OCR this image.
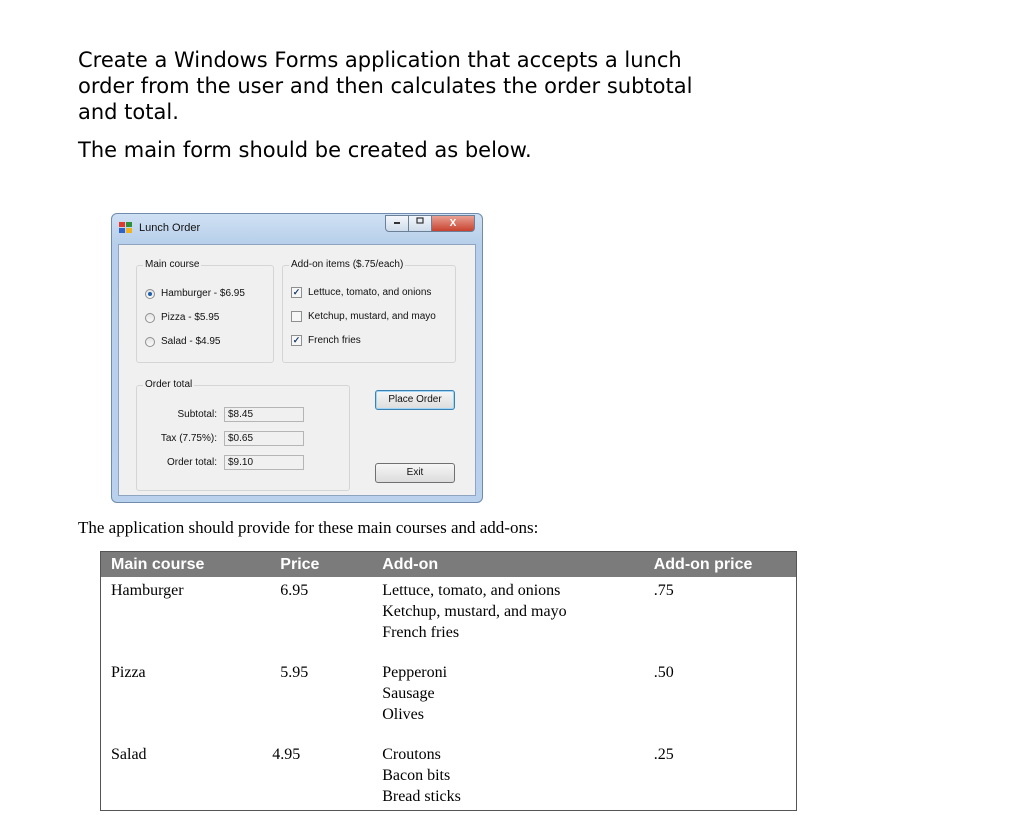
Create a Windows Forms application that accepts a lunch
order from the user and then calculates the order subtotal
and total.

The main form should be created as below.

Lunch Order	X
Main course
Hamburger - $6.95
Pizza - $5.95
Salad - $4.95
Add-on items ($.75/each)
✓ Lettuce, tomato, and onions
Ketchup, mustard, and mayo
✓ French fries
Order total
Subtotal:	$8.45
Tax (7.75%):	$0.65
Order total:	$9.10
Place Order
Exit
The application should provide for these main courses and add-ons:
Main course	Price	Add-on	Add-on price
Hamburger	6.95	Lettuce, tomato, and onions
Ketchup, mustard, and mayo
French fries	.75
Pizza	5.95	Pepperoni
Sausage
Olives	.50
Salad	4.95	Croutons
Bacon bits
Bread sticks	.25
